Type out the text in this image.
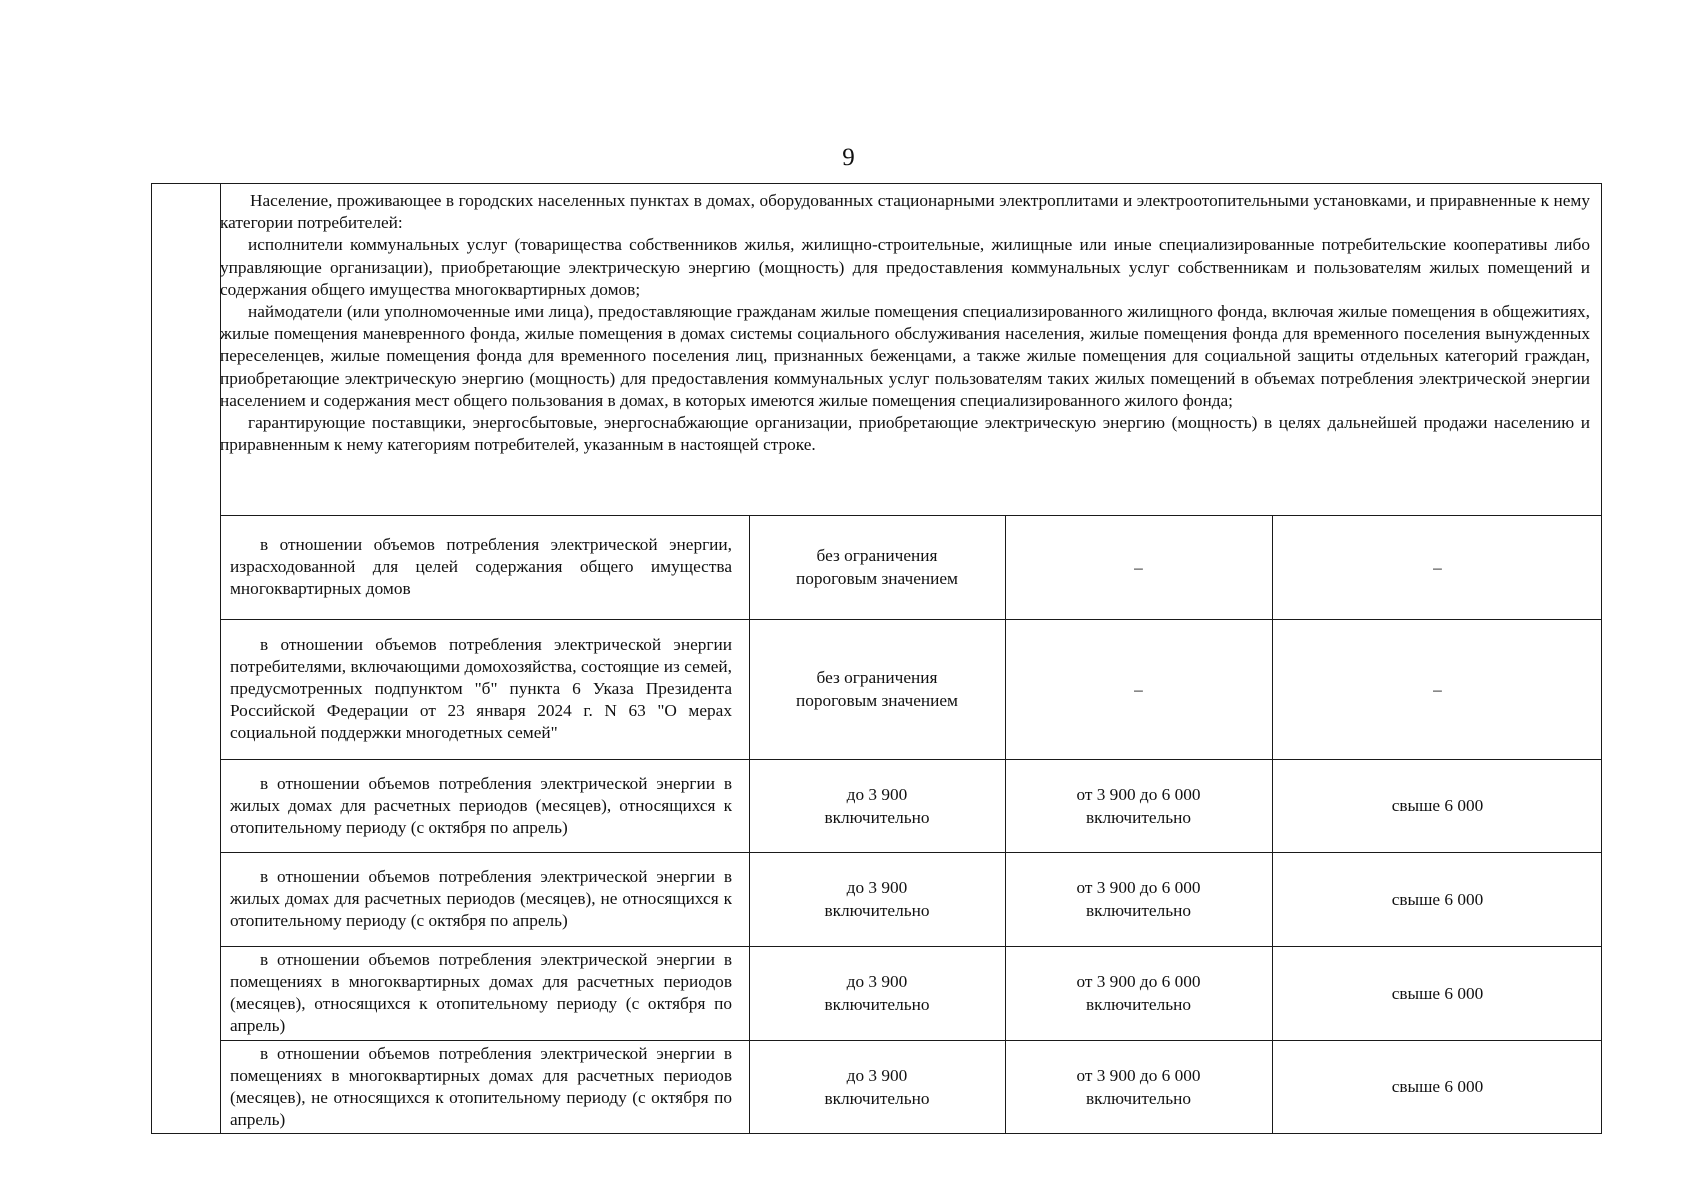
9

Население, проживающее в городских населенных пунктах в домах, оборудованных стационарными электроплитами и электроотопительными установками, и приравненные к нему категории потребителей:

исполнители коммунальных услуг (товарищества собственников жилья, жилищно-строительные, жилищные или иные специализированные потребительские кооперативы либо управляющие организации), приобретающие электрическую энергию (мощность) для предоставления коммунальных услуг собственникам и пользователям жилых помещений и содержания общего имущества многоквартирных домов;

наймодатели (или уполномоченные ими лица), предоставляющие гражданам жилые помещения специализированного жилищного фонда, включая жилые помещения в общежитиях, жилые помещения маневренного фонда, жилые помещения в домах системы социального обслуживания населения, жилые помещения фонда для временного поселения вынужденных переселенцев, жилые помещения фонда для временного поселения лиц, признанных беженцами, а также жилые помещения для социальной защиты отдельных категорий граждан, приобретающие электрическую энергию (мощность) для предоставления коммунальных услуг пользователям таких жилых помещений в объемах потребления электрической энергии населением и содержания мест общего пользования в домах, в которых имеются жилые помещения специализированного жилого фонда;

гарантирующие поставщики, энергосбытовые, энергоснабжающие организации, приобретающие электрическую энергию (мощность) в целях дальнейшей продажи населению и приравненным к нему категориям потребителей, указанным в настоящей строке.

в отношении объемов потребления электрической энергии, израсходованной для целей содержания общего имущества многоквартирных домов
без ограничения пороговым значением
–	–
в отношении объемов потребления электрической энергии потребителями, включающими домохозяйства, состоящие из семей, предусмотренных подпунктом "б" пункта 6 Указа Президента Российской Федерации от 23 января 2024 г. N 63 "О мерах социальной поддержки многодетных семей"
без ограничения пороговым значением
–	–
в отношении объемов потребления электрической энергии в жилых домах для расчетных периодов (месяцев), относящихся к отопительному периоду (с октября по апрель)
до 3 900 включительно
от 3 900 до 6 000 включительно
свыше 6 000
в отношении объемов потребления электрической энергии в жилых домах для расчетных периодов (месяцев), не относящихся к отопительному периоду (с октября по апрель)
до 3 900 включительно
от 3 900 до 6 000 включительно
свыше 6 000
в отношении объемов потребления электрической энергии в помещениях в многоквартирных домах для расчетных периодов (месяцев), относящихся к отопительному периоду (с октября по апрель)
до 3 900 включительно
от 3 900 до 6 000 включительно
свыше 6 000
в отношении объемов потребления электрической энергии в помещениях в многоквартирных домах для расчетных периодов (месяцев), не относящихся к отопительному периоду (с октября по апрель)
до 3 900 включительно
от 3 900 до 6 000 включительно
свыше 6 000
